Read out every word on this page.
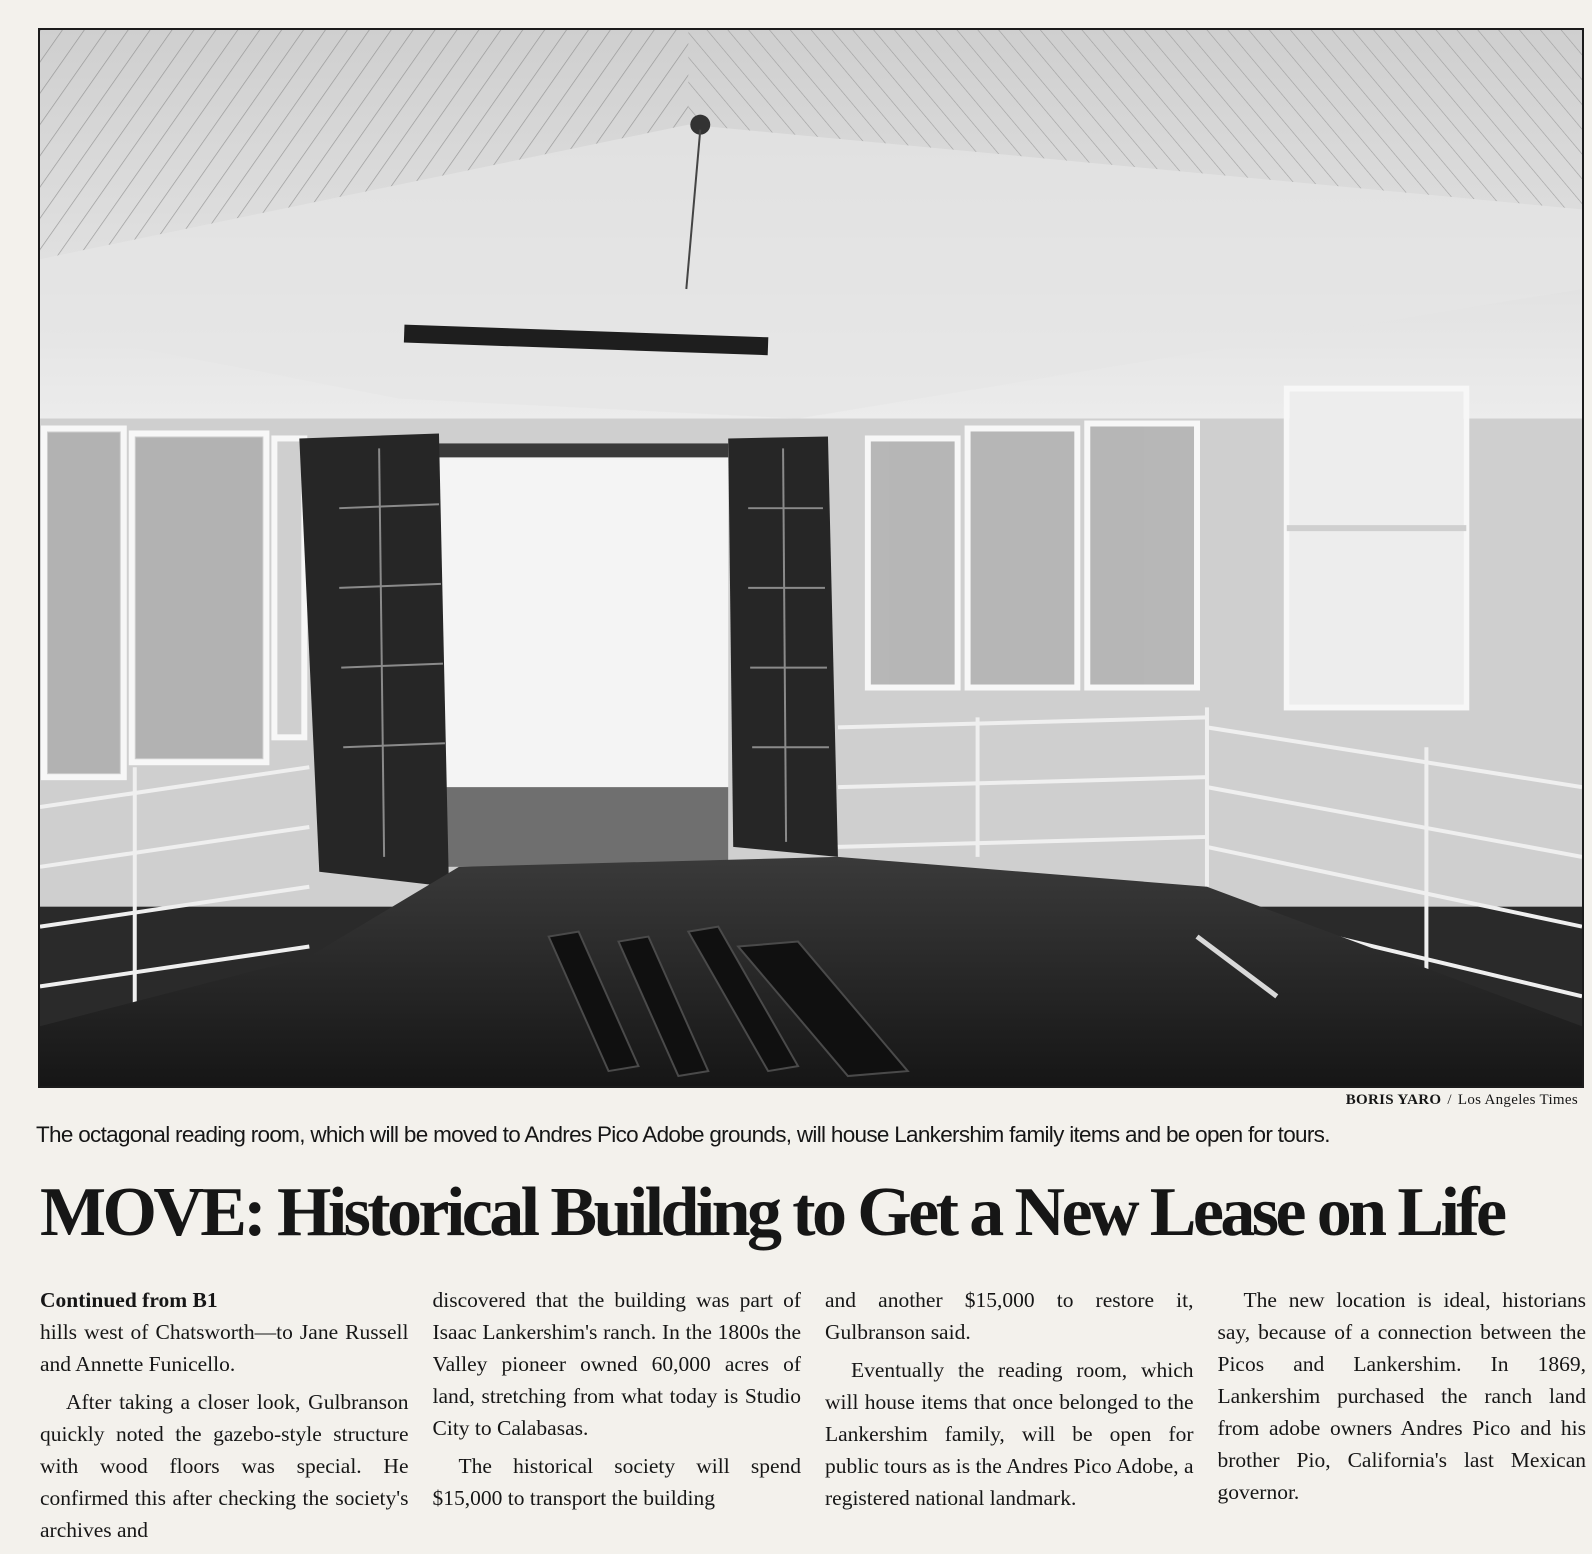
BORIS YARO / Los Angeles Times
The octagonal reading room, which will be moved to Andres Pico Adobe grounds, will house Lankershim family items and be open for tours.
MOVE: Historical Building to Get a New Lease on Life
Continued from B1

hills west of Chatsworth—to Jane Russell and Annette Funicello.

After taking a closer look, Gulbranson quickly noted the gazebo-style structure with wood floors was special. He confirmed this after checking the society's archives and

discovered that the building was part of Isaac Lankershim's ranch. In the 1800s the Valley pioneer owned 60,000 acres of land, stretching from what today is Studio City to Calabasas.

The historical society will spend $15,000 to transport the building

and another $15,000 to restore it, Gulbranson said.

Eventually the reading room, which will house items that once belonged to the Lankershim family, will be open for public tours as is the Andres Pico Adobe, a registered national landmark.

The new location is ideal, historians say, because of a connection between the Picos and Lankershim. In 1869, Lankershim purchased the ranch land from adobe owners Andres Pico and his brother Pio, California's last Mexican governor.
